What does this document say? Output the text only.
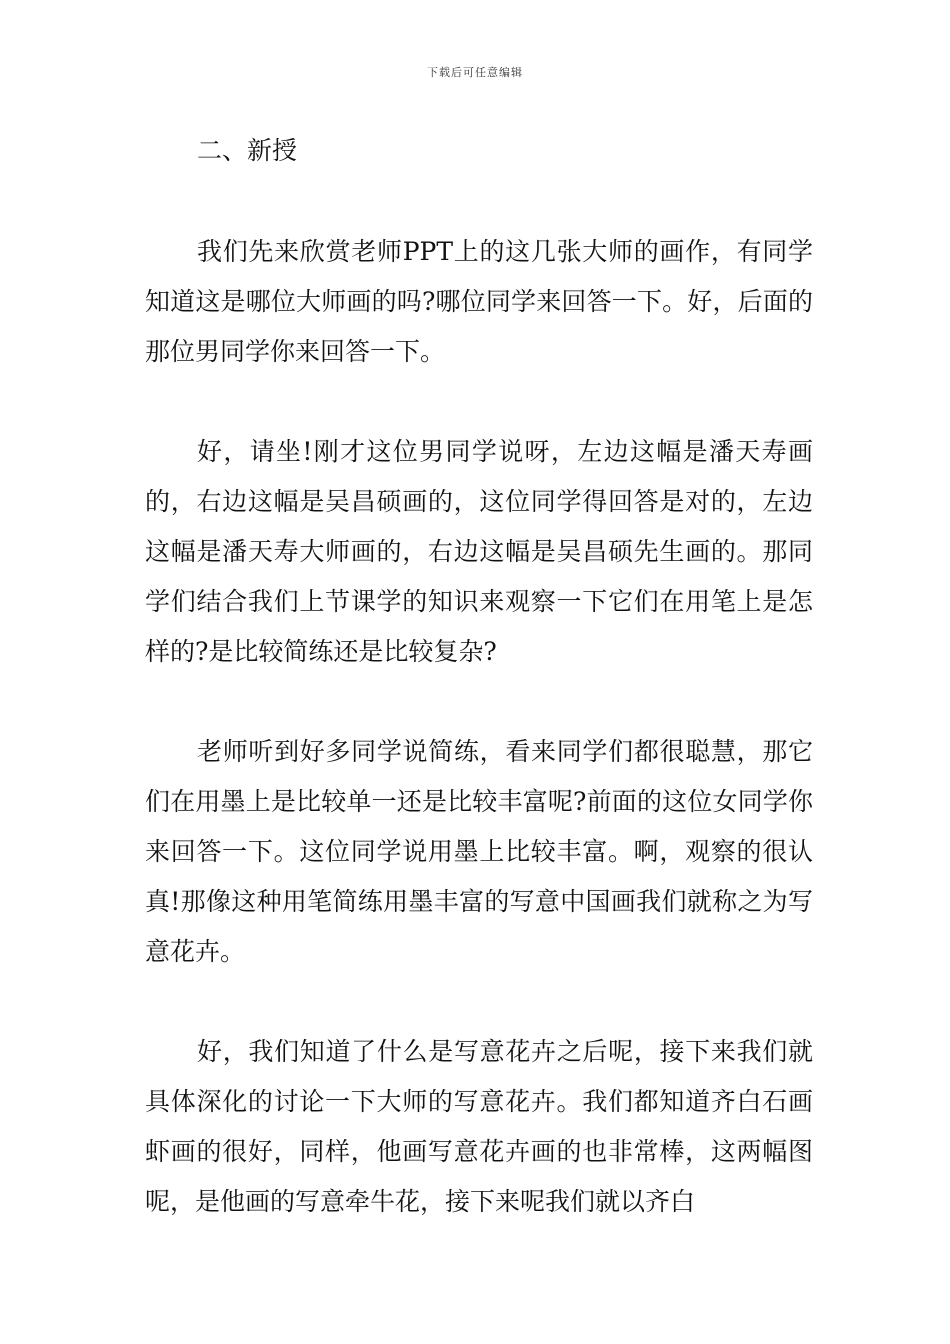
下载后可任意编辑

二、新授

我们先来欣赏老师PPT上的这几张大师的画作，有同学知道这是哪位大师画的吗?哪位同学来回答一下。好，后面的那位男同学你来回答一下。

好，请坐!刚才这位男同学说呀，左边这幅是潘天寿画的，右边这幅是吴昌硕画的，这位同学得回答是对的，左边这幅是潘天寿大师画的，右边这幅是吴昌硕先生画的。那同学们结合我们上节课学的知识来观察一下它们在用笔上是怎样的?是比较简练还是比较复杂?

老师听到好多同学说简练，看来同学们都很聪慧，那它们在用墨上是比较单一还是比较丰富呢?前面的这位女同学你来回答一下。这位同学说用墨上比较丰富。啊，观察的很认真!那像这种用笔简练用墨丰富的写意中国画我们就称之为写意花卉。

好，我们知道了什么是写意花卉之后呢，接下来我们就具体深化的讨论一下大师的写意花卉。我们都知道齐白石画虾画的很好，同样，他画写意花卉画的也非常棒，这两幅图呢，是他画的写意牵牛花，接下来呢我们就以齐白
